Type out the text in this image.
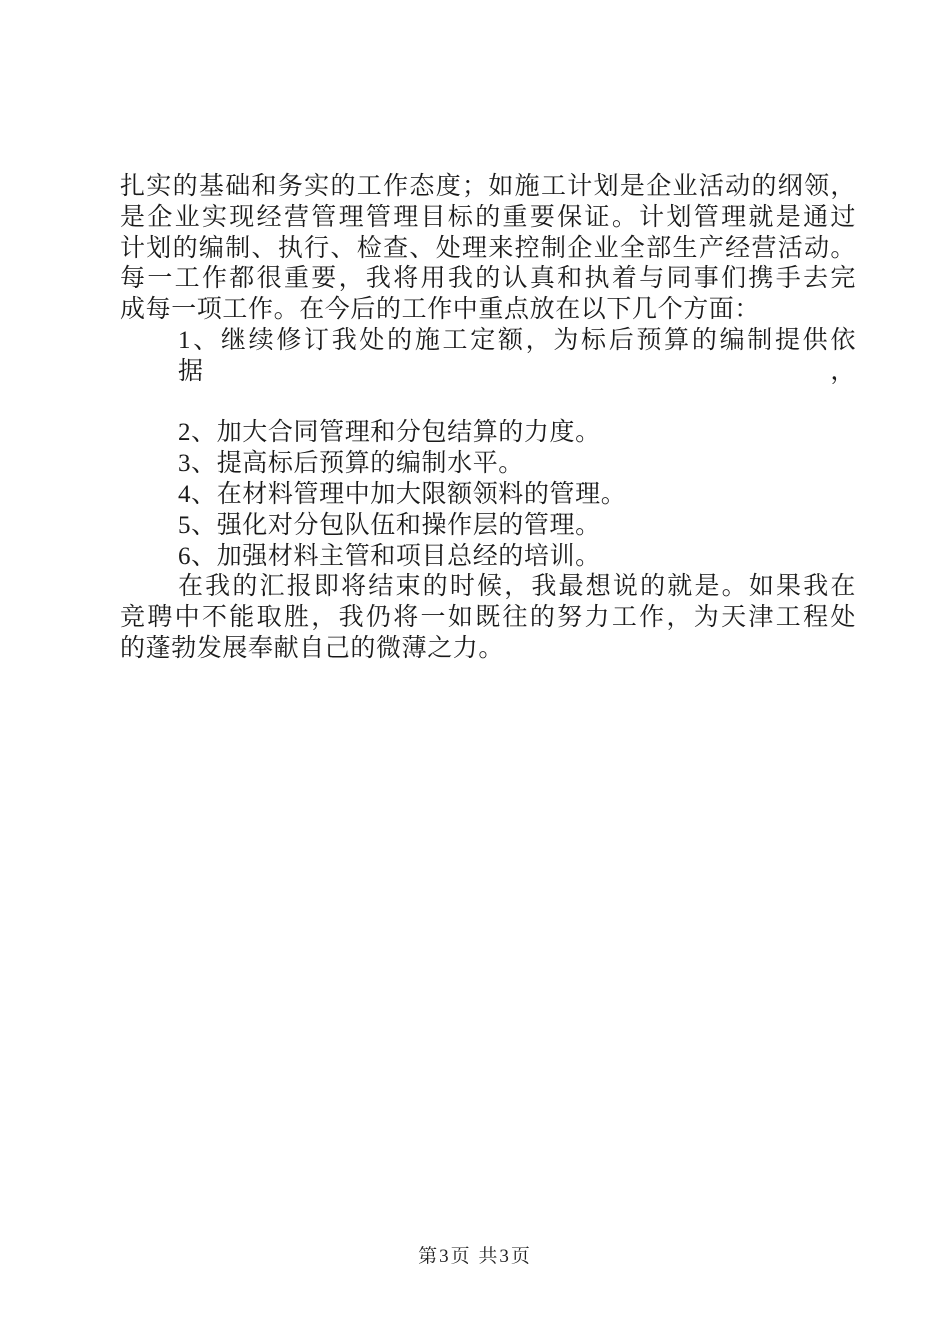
扎实的基础和务实的工作态度；如施工计划是企业活动的纲领，
是企业实现经营管理管理目标的重要保证。计划管理就是通过
计划的编制、执行、检查、处理来控制企业全部生产经营活动。
每一工作都很重要，我将用我的认真和执着与同事们携手去完
成每一项工作。在今后的工作中重点放在以下几个方面：
1、继续修订我处的施工定额，为标后预算的编制提供依据，
2、加大合同管理和分包结算的力度。
3、提高标后预算的编制水平。
4、在材料管理中加大限额领料的管理。
5、强化对分包队伍和操作层的管理。
6、加强材料主管和项目总经的培训。
在我的汇报即将结束的时候，我最想说的就是。如果我在
竞聘中不能取胜，我仍将一如既往的努力工作，为天津工程处
的蓬勃发展奉献自己的微薄之力。
第3页 共3页
